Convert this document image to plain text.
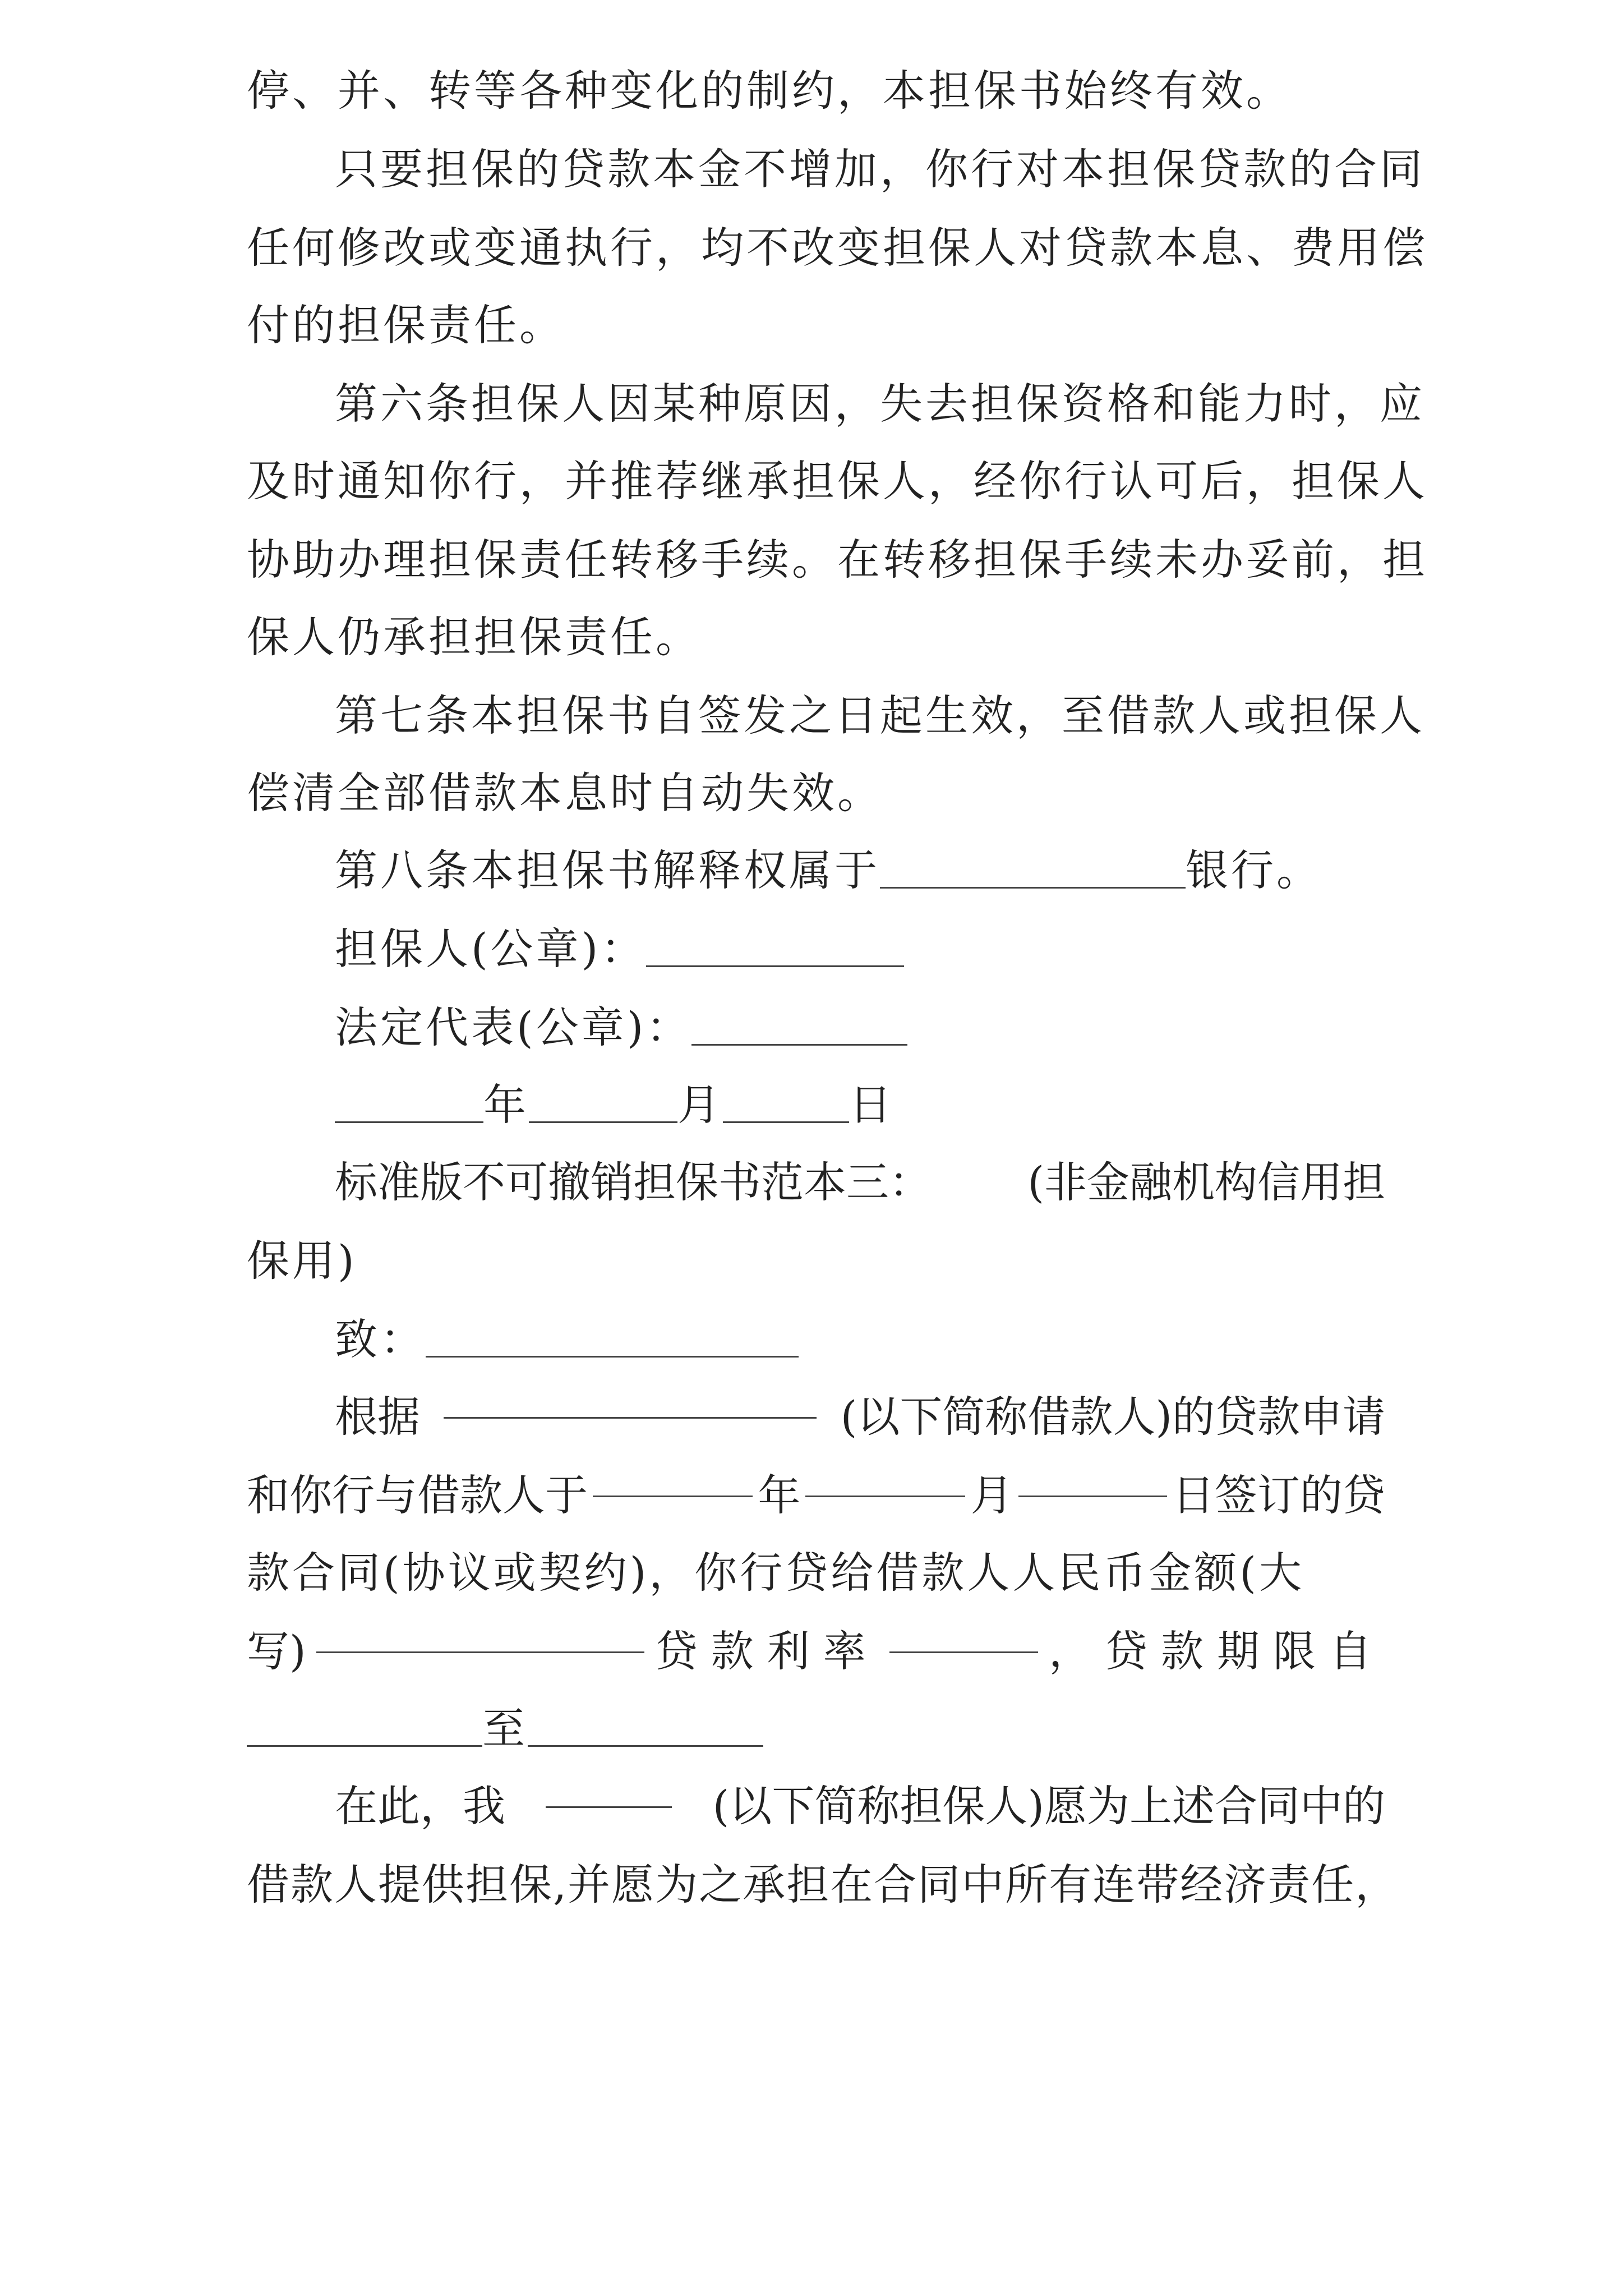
停、并、转等各种变化的制约，本担保书始终有效。
只要担保的贷款本金不增加，你行对本担保贷款的合同
任何修改或变通执行，均不改变担保人对贷款本息、费用偿
付的担保责任。
第六条担保人因某种原因，失去担保资格和能力时，应
及时通知你行，并推荐继承担保人，经你行认可后，担保人
协助办理担保责任转移手续。在转移担保手续未办妥前，担
保人仍承担担保责任。
第七条本担保书自签发之日起生效，至借款人或担保人
偿清全部借款本息时自动失效。
第八条本担保书解释权属于	银行。
担保人(公章)：
法定代表(公章)：
年	月	日
标准版不可撤销担保书范本三： (非金融机构信用担
保用)
致：
根据	(以下简称借款人)的贷款申请
和你行与借款人于	年	月	日签订的贷
款合同(协议或契约)，你行贷给借款人人民币金额(大
写)	贷款利率	，贷款期限自
至
在此，我	(以下简称担保人)愿为上述合同中的
借款人提供担保,并愿为之承担在合同中所有连带经济责任，
